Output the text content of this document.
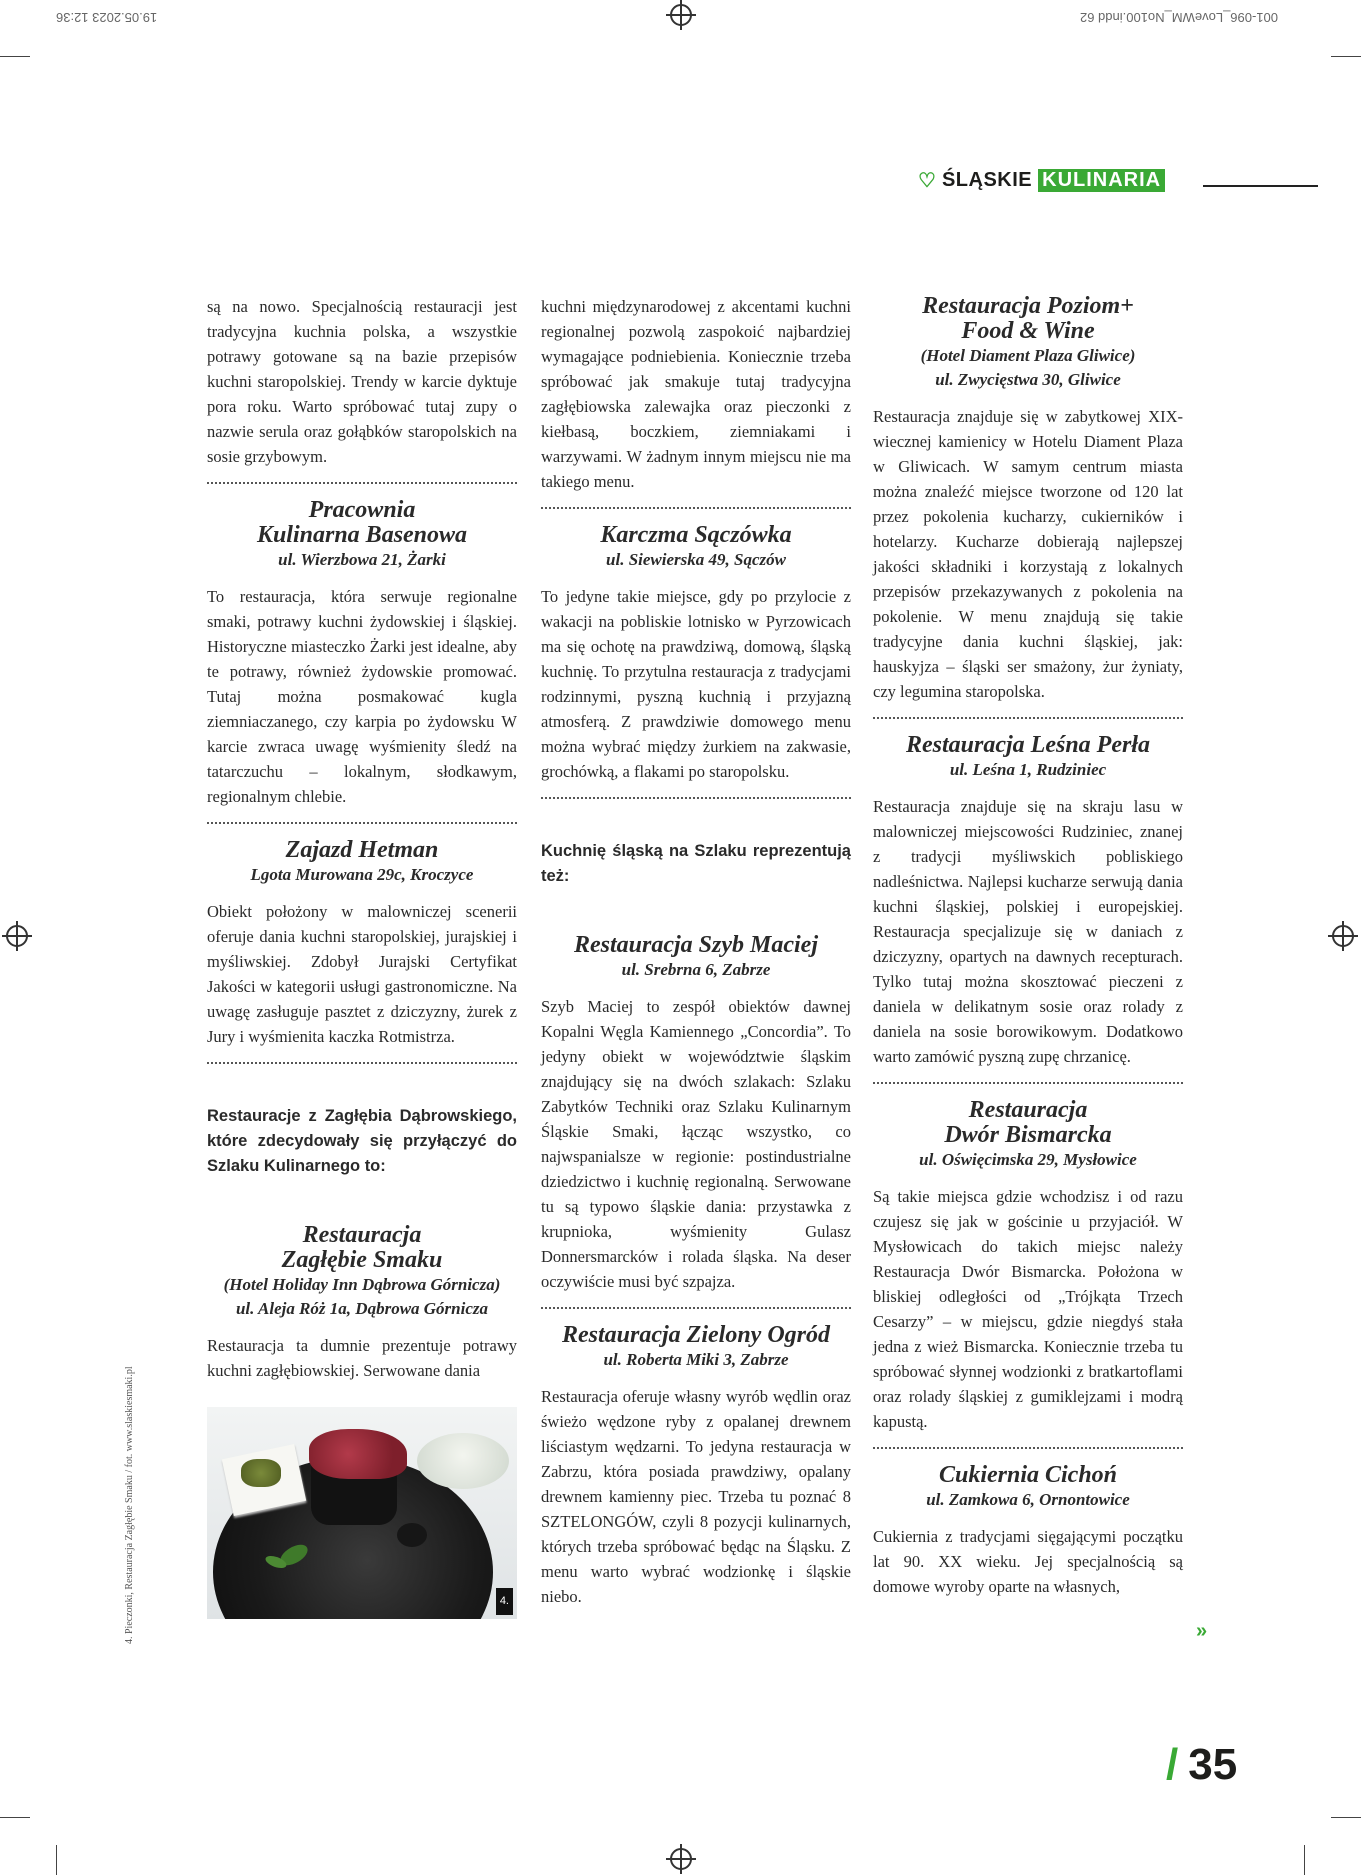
19.05.2023 12:36	001-096_LoveWM_No100.indd 62
♡ ŚLĄSKIE KULINARIA

są na nowo. Specjalnością restauracji jest tradycyjna kuchnia polska, a wszystkie potrawy gotowane są na bazie przepisów kuchni staropolskiej. Trendy w karcie dyktuje pora roku. Warto spróbować tutaj zupy o nazwie serula oraz gołąbków staropolskich na sosie grzybowym.

Pracownia
Kulinarna Basenowa
ul. Wierzbowa 21, Żarki

To restauracja, która serwuje regionalne smaki, potrawy kuchni żydowskiej i śląskiej. Historyczne miasteczko Żarki jest idealne, aby te potrawy, również żydowskie promować. Tutaj można posmakować kugla ziemniaczanego, czy karpia po żydowsku W karcie zwraca uwagę wyśmienity śledź na tatarczuchu – lokalnym, słodkawym, regionalnym chlebie.

Zajazd Hetman
Lgota Murowana 29c, Kroczyce

Obiekt położony w malowniczej scenerii oferuje dania kuchni staropolskiej, jurajskiej i myśliwskiej. Zdobył Jurajski Certyfikat Jakości w kategorii usługi gastronomiczne. Na uwagę zasługuje pasztet z dziczyzny, żurek z Jury i wyśmienita kaczka Rotmistrza.

Restauracje z Zagłębia Dąbrowskiego, które zdecydowały się przyłączyć do Szlaku Kulinarnego to:

Restauracja
Zagłębie Smaku
(Hotel Holiday Inn Dąbrowa Górnicza)
ul. Aleja Róż 1a, Dąbrowa Górnicza

Restauracja ta dumnie prezentuje potrawy kuchni zagłębiowskiej. Serwowane dania

4.
4. Pieczonki, Restauracja Zagłębie Smaku / fot. www.slaskiesmaki.pl

kuchni międzynarodowej z akcentami kuchni regionalnej pozwolą zaspokoić najbardziej wymagające podniebienia. Koniecznie trzeba spróbować jak smakuje tutaj tradycyjna zagłębiowska zalewajka oraz pieczonki z kiełbasą, boczkiem, ziemniakami i warzywami. W żadnym innym miejscu nie ma takiego menu.

Karczma Sączówka
ul. Siewierska 49, Sączów

To jedyne takie miejsce, gdy po przylocie z wakacji na pobliskie lotnisko w Pyrzowicach ma się ochotę na prawdziwą, domową, śląską kuchnię. To przytulna restauracja z tradycjami rodzinnymi, pyszną kuchnią i przyjazną atmosferą. Z prawdziwie domowego menu można wybrać między żurkiem na zakwasie, grochówką, a flakami po staropolsku.

Kuchnię śląską na Szlaku reprezentują też:

Restauracja Szyb Maciej
ul. Srebrna 6, Zabrze

Szyb Maciej to zespół obiektów dawnej Kopalni Węgla Kamiennego „Concordia”. To jedyny obiekt w województwie śląskim znajdujący się na dwóch szlakach: Szlaku Zabytków Techniki oraz Szlaku Kulinarnym Śląskie Smaki, łącząc wszystko, co najwspanialsze w regionie: postindustrialne dziedzictwo i kuchnię regionalną. Serwowane tu są typowo śląskie dania: przystawka z krupnioka, wyśmienity Gulasz Donnersmarcków i rolada śląska. Na deser oczywiście musi być szpajza.

Restauracja Zielony Ogród
ul. Roberta Miki 3, Zabrze

Restauracja oferuje własny wyrób wędlin oraz świeżo wędzone ryby z opalanej drewnem liściastym wędzarni. To jedyna restauracja w Zabrzu, która posiada prawdziwy, opalany drewnem kamienny piec. Trzeba tu poznać 8 SZTELONGÓW, czyli 8 pozycji kulinarnych, których trzeba spróbować będąc na Śląsku. Z menu warto wybrać wodzionkę i śląskie niebo.

Restauracja Poziom+
Food & Wine
(Hotel Diament Plaza Gliwice)
ul. Zwycięstwa 30, Gliwice

Restauracja znajduje się w zabytkowej XIX-wiecznej kamienicy w Hotelu Diament Plaza w Gliwicach. W samym centrum miasta można znaleźć miejsce tworzone od 120 lat przez pokolenia kucharzy, cukierników i hotelarzy. Kucharze dobierają najlepszej jakości składniki i korzystają z lokalnych przepisów przekazywanych z pokolenia na pokolenie. W menu znajdują się takie tradycyjne dania kuchni śląskiej, jak: hauskyjza – śląski ser smażony, żur żyniaty, czy legumina staropolska.

Restauracja Leśna Perła
ul. Leśna 1, Rudziniec

Restauracja znajduje się na skraju lasu w malowniczej miejscowości Rudziniec, znanej z tradycji myśliwskich pobliskiego nadleśnictwa. Najlepsi kucharze serwują dania kuchni śląskiej, polskiej i europejskiej. Restauracja specjalizuje się w daniach z dziczyzny, opartych na dawnych recepturach. Tylko tutaj można skosztować pieczeni z daniela w delikatnym sosie oraz rolady z daniela na sosie borowikowym. Dodatkowo warto zamówić pyszną zupę chrzanicę.

Restauracja
Dwór Bismarcka
ul. Oświęcimska 29, Mysłowice

Są takie miejsca gdzie wchodzisz i od razu czujesz się jak w gościnie u przyjaciół. W Mysłowicach do takich miejsc należy Restauracja Dwór Bismarcka. Położona w bliskiej odległości od „Trójkąta Trzech Cesarzy” – w miejscu, gdzie niegdyś stała jedna z wież Bismarcka. Koniecznie trzeba tu spróbować słynnej wodzionki z bratkartoflami oraz rolady śląskiej z gumiklejzami i modrą kapustą.

Cukiernia Cichoń
ul. Zamkowa 6, Ornontowice

Cukiernia z tradycjami sięgającymi początku lat 90. XX wieku. Jej specjalnością są domowe wyroby oparte na własnych,

»
/ 35
